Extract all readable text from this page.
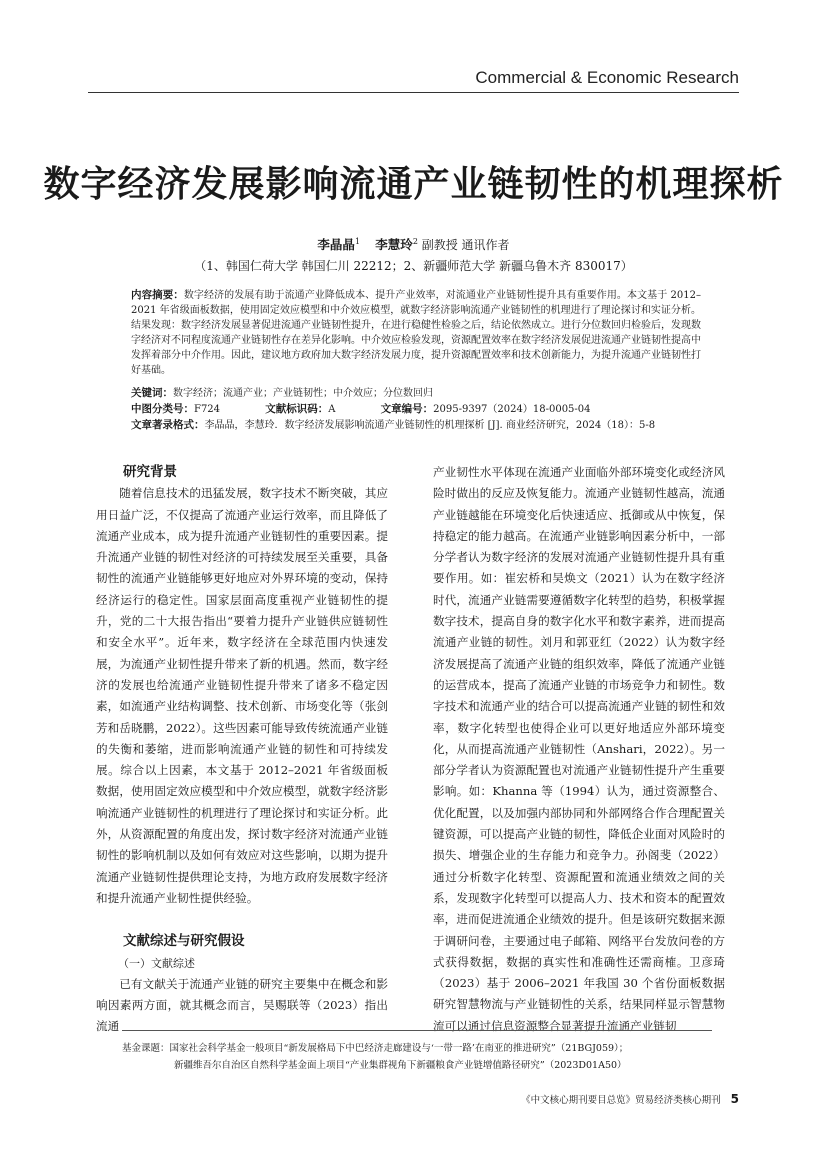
Commercial & Economic Research
数字经济发展影响流通产业链韧性的机理探析
李晶晶$^1$ 李慧玲$^2$ 副教授 通讯作者
（1、韩国仁荷大学 韩国仁川 22212；2、新疆师范大学 新疆乌鲁木齐 830017）
内容摘要：数字经济的发展有助于流通产业降低成本、提升产业效率，对流通业产业链韧性提升具有重要作用。本文基于 2012–2021 年省级面板数据，使用固定效应模型和中介效应模型，就数字经济影响流通产业链韧性的机理进行了理论探讨和实证分析。结果发现：数字经济发展显著促进流通产业链韧性提升，在进行稳健性检验之后，结论依然成立。进行分位数回归检验后，发现数字经济对不同程度流通产业链韧性存在差异化影响。中介效应检验发现，资源配置效率在数字经济发展促进流通产业链韧性提高中发挥着部分中介作用。因此，建议地方政府加大数字经济发展力度，提升资源配置效率和技术创新能力，为提升流通产业链韧性打好基础。
关键词：数字经济；流通产业；产业链韧性；中介效应；分位数回归
中图分类号：F724	文献标识码：A	文章编号：2095-9397（2024）18-0005-04
文章著录格式：李晶晶，李慧玲．数字经济发展影响流通产业链韧性的机理探析 [J]. 商业经济研究，2024（18）：5-8

研究背景

随着信息技术的迅猛发展，数字技术不断突破，其应用日益广泛，不仅提高了流通产业运行效率，而且降低了流通产业成本，成为提升流通产业链韧性的重要因素。提升流通产业链的韧性对经济的可持续发展至关重要，具备韧性的流通产业链能够更好地应对外界环境的变动，保持经济运行的稳定性。国家层面高度重视产业链韧性的提升，党的二十大报告指出“要着力提升产业链供应链韧性和安全水平”。近年来，数字经济在全球范围内快速发展，为流通产业韧性提升带来了新的机遇。然而，数字经济的发展也给流通产业链韧性提升带来了诸多不稳定因素，如流通产业结构调整、技术创新、市场变化等（张剑芳和岳晓鹏，2022）。这些因素可能导致传统流通产业链的失衡和萎缩，进而影响流通产业链的韧性和可持续发展。综合以上因素，本文基于 2012–2021 年省级面板数据，使用固定效应模型和中介效应模型，就数字经济影响流通产业链韧性的机理进行了理论探讨和实证分析。此外，从资源配置的角度出发，探讨数字经济对流通产业链韧性的影响机制以及如何有效应对这些影响，以期为提升流通产业链韧性提供理论支持，为地方政府发展数字经济和提升流通产业韧性提供经验。

文献综述与研究假设

（一）文献综述

已有文献关于流通产业链的研究主要集中在概念和影响因素两方面，就其概念而言，吴赐联等（2023）指出流通

产业韧性水平体现在流通产业面临外部环境变化或经济风险时做出的反应及恢复能力。流通产业链韧性越高，流通产业链越能在环境变化后快速适应、抵御或从中恢复，保持稳定的能力越高。在流通产业链影响因素分析中，一部分学者认为数字经济的发展对流通产业链韧性提升具有重要作用。如：崔宏桥和吴焕文（2021）认为在数字经济时代，流通产业链需要遵循数字化转型的趋势，积极掌握数字技术，提高自身的数字化水平和数字素养，进而提高流通产业链的韧性。刘月和郭亚红（2022）认为数字经济发展提高了流通产业链的组织效率，降低了流通产业链的运营成本，提高了流通产业链的市场竞争力和韧性。数字技术和流通产业的结合可以提高流通产业链的韧性和效率，数字化转型也使得企业可以更好地适应外部环境变化，从而提高流通产业链韧性（Anshari，2022）。另一部分学者认为资源配置也对流通产业链韧性提升产生重要影响。如：Khanna 等（1994）认为，通过资源整合、优化配置，以及加强内部协同和外部网络合作合理配置关键资源，可以提高产业链的韧性，降低企业面对风险时的损失、增强企业的生存能力和竞争力。孙阁斐（2022）通过分析数字化转型、资源配置和流通业绩效之间的关系，发现数字化转型可以提高人力、技术和资本的配置效率，进而促进流通企业绩效的提升。但是该研究数据来源于调研问卷，主要通过电子邮箱、网络平台发放问卷的方式获得数据，数据的真实性和准确性还需商榷。卫彦琦（2023）基于 2006–2021 年我国 30 个省份面板数据研究智慧物流与产业链韧性的关系，结果同样显示智慧物流可以通过信息资源整合显著提升流通产业链韧

基金课题：国家社会科学基金一般项目“新发展格局下中巴经济走廊建设与‘一带一路’在南亚的推进研究”（21BGJ059）；
新疆维吾尔自治区自然科学基金面上项目“产业集群视角下新疆粮食产业链增值路径研究”（2023D01A50）
《中文核心期刊要目总览》贸易经济类核心期刊 5
